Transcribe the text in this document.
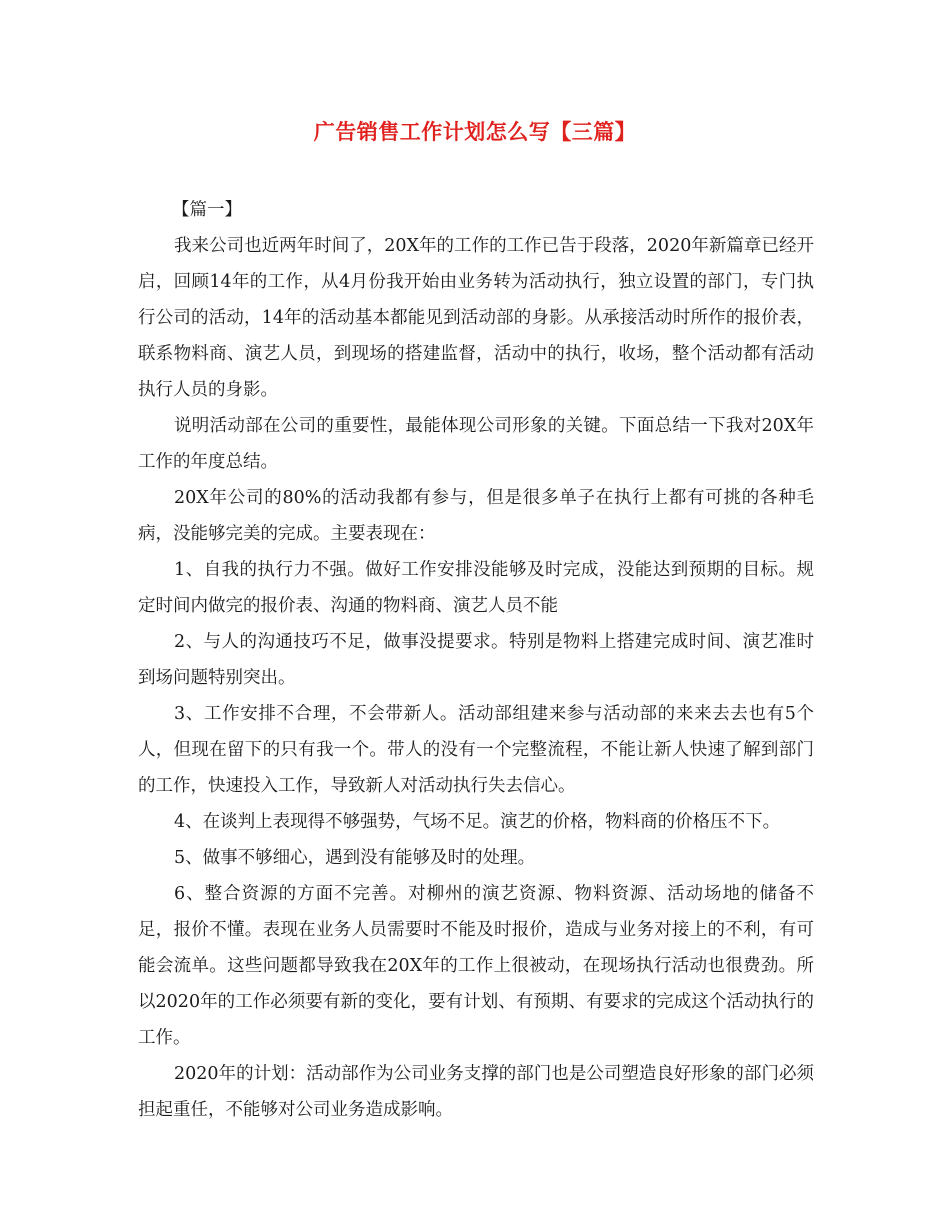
广告销售工作计划怎么写【三篇】

【篇一】

我来公司也近两年时间了，20X年的工作的工作已告于段落，2020年新篇章已经开启，回顾14年的工作，从4月份我开始由业务转为活动执行，独立设置的部门，专门执行公司的活动，14年的活动基本都能见到活动部的身影。从承接活动时所作的报价表，联系物料商、演艺人员，到现场的搭建监督，活动中的执行，收场，整个活动都有活动执行人员的身影。

说明活动部在公司的重要性，最能体现公司形象的关键。下面总结一下我对20X年工作的年度总结。

20X年公司的80%的活动我都有参与，但是很多单子在执行上都有可挑的各种毛病，没能够完美的完成。主要表现在：

1、自我的执行力不强。做好工作安排没能够及时完成，没能达到预期的目标。规定时间内做完的报价表、沟通的物料商、演艺人员不能

2、与人的沟通技巧不足，做事没提要求。特别是物料上搭建完成时间、演艺准时到场问题特别突出。

3、工作安排不合理，不会带新人。活动部组建来参与活动部的来来去去也有5个人，但现在留下的只有我一个。带人的没有一个完整流程，不能让新人快速了解到部门的工作，快速投入工作，导致新人对活动执行失去信心。

4、在谈判上表现得不够强势，气场不足。演艺的价格，物料商的价格压不下。

5、做事不够细心，遇到没有能够及时的处理。

6、整合资源的方面不完善。对柳州的演艺资源、物料资源、活动场地的储备不足，报价不懂。表现在业务人员需要时不能及时报价，造成与业务对接上的不利，有可能会流单。这些问题都导致我在20X年的工作上很被动，在现场执行活动也很费劲。所以2020年的工作必须要有新的变化，要有计划、有预期、有要求的完成这个活动执行的工作。

2020年的计划：活动部作为公司业务支撑的部门也是公司塑造良好形象的部门必须担起重任，不能够对公司业务造成影响。
